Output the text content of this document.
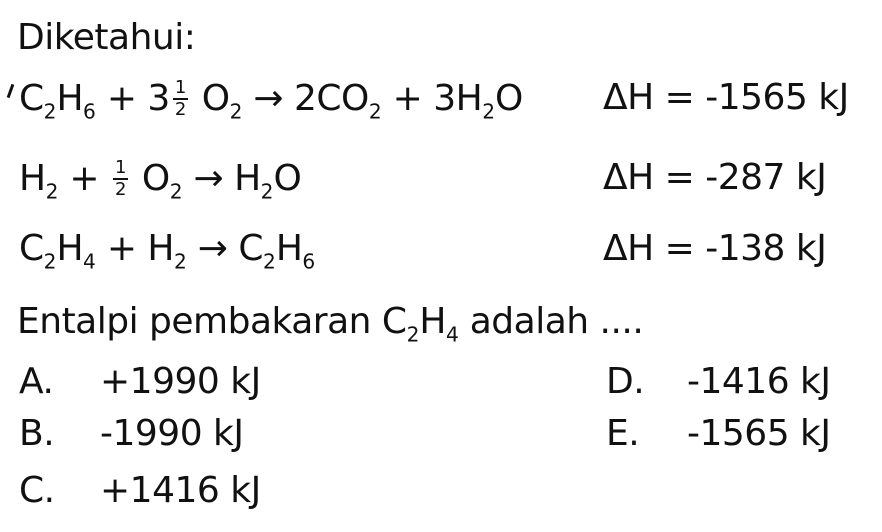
Diketahui:
$C_2H_6 + 3 \frac{1}{2} O_2 \to 2CO_2 + 3H_2O$ ΔH = -1565 kJ
$H_2 + \frac{1}{2} O_2 \to H_2O$	ΔH = -287 kJ
$C_2H_4 + H_2 \to C_2H_6$	ΔH = -138 kJ
Entalpi pembakaran $C_2H_4$ adalah ....
A. +1990 kJ
B. -1990 kJ
C. +1416 kJ
D. -1416 kJ
E. -1565 kJ
